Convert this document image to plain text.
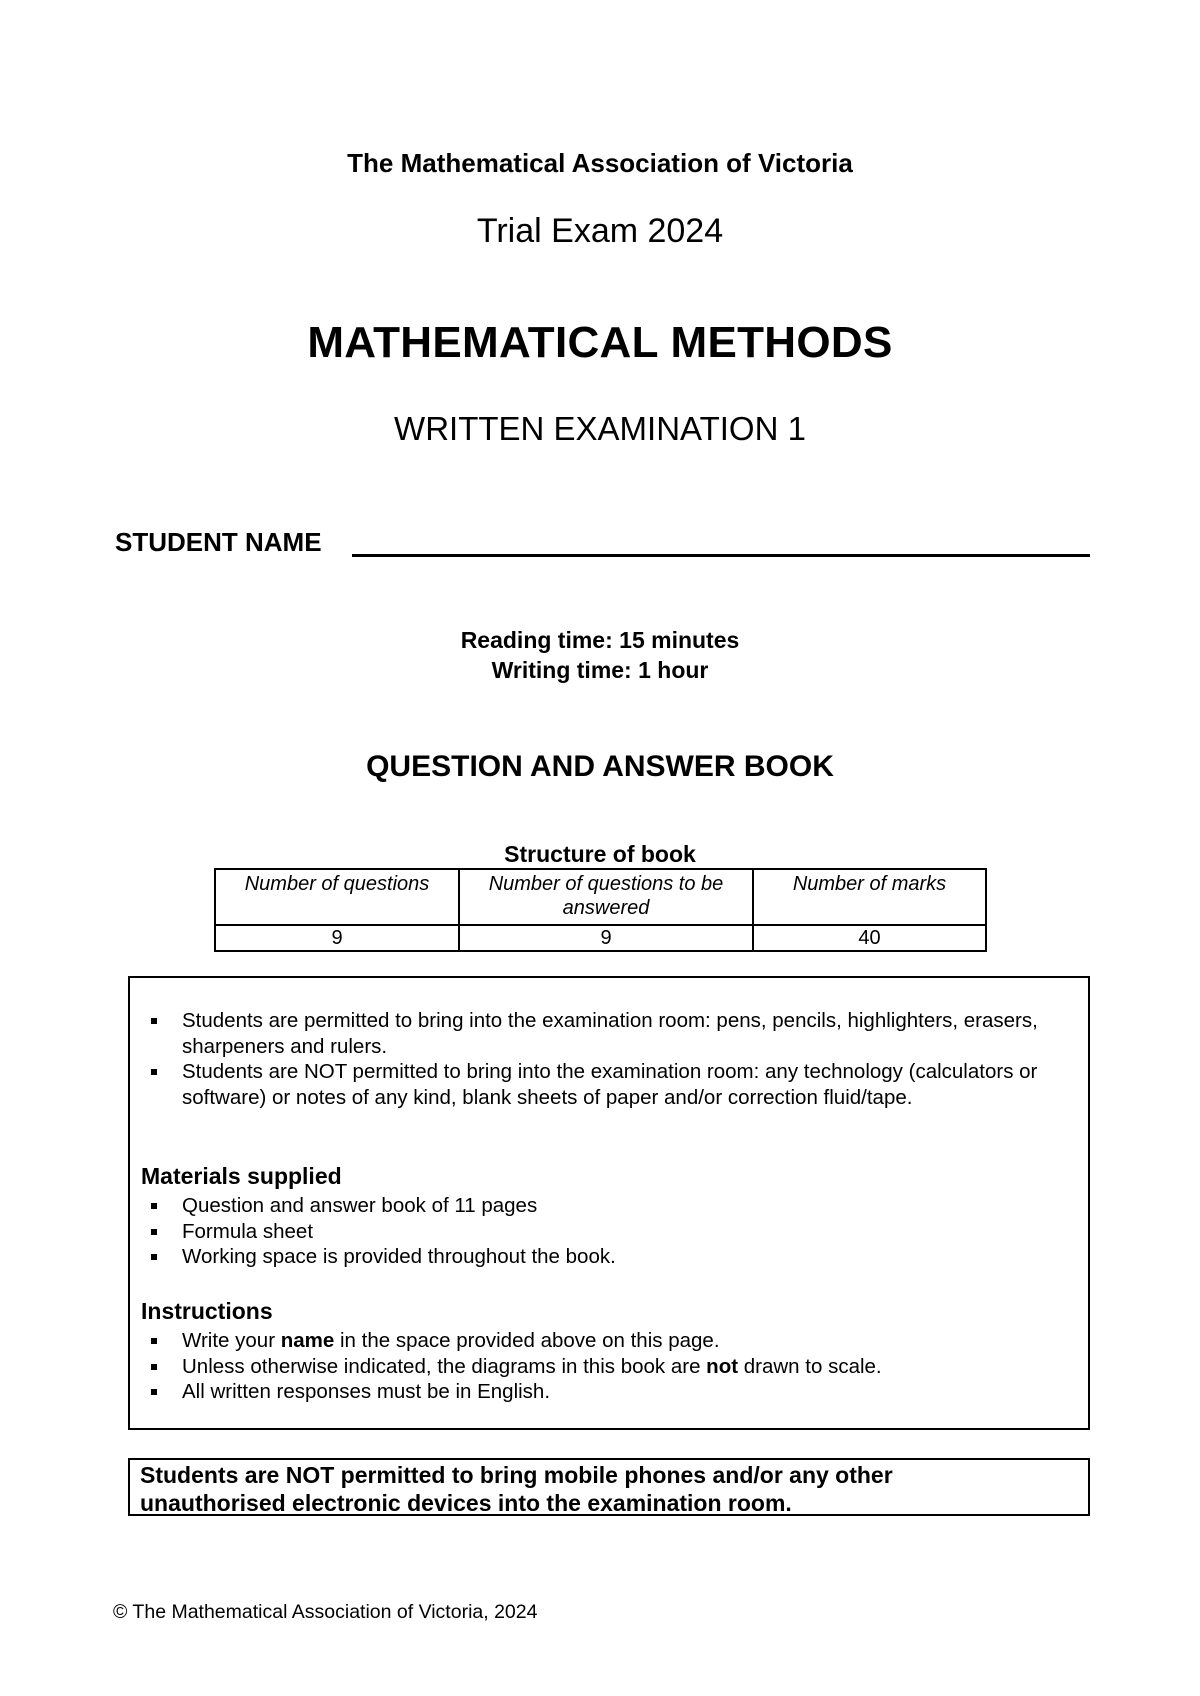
The Mathematical Association of Victoria
Trial Exam 2024
MATHEMATICAL METHODS
WRITTEN EXAMINATION 1
STUDENT NAME
Reading time: 15 minutes
Writing time: 1 hour
QUESTION AND ANSWER BOOK
Structure of book
Number of questions	Number of questions to be answered	Number of marks
9	9	40
Students are permitted to bring into the examination room: pens, pencils, highlighters, erasers, sharpeners and rulers.
Students are NOT permitted to bring into the examination room: any technology (calculators or software) or notes of any kind, blank sheets of paper and/or correction fluid/tape.
Materials supplied
Question and answer book of 11 pages
Formula sheet
Working space is provided throughout the book.
Instructions
Write your name in the space provided above on this page.
Unless otherwise indicated, the diagrams in this book are not drawn to scale.
All written responses must be in English.
Students are NOT permitted to bring mobile phones and/or any other
unauthorised electronic devices into the examination room.
© The Mathematical Association of Victoria, 2024
